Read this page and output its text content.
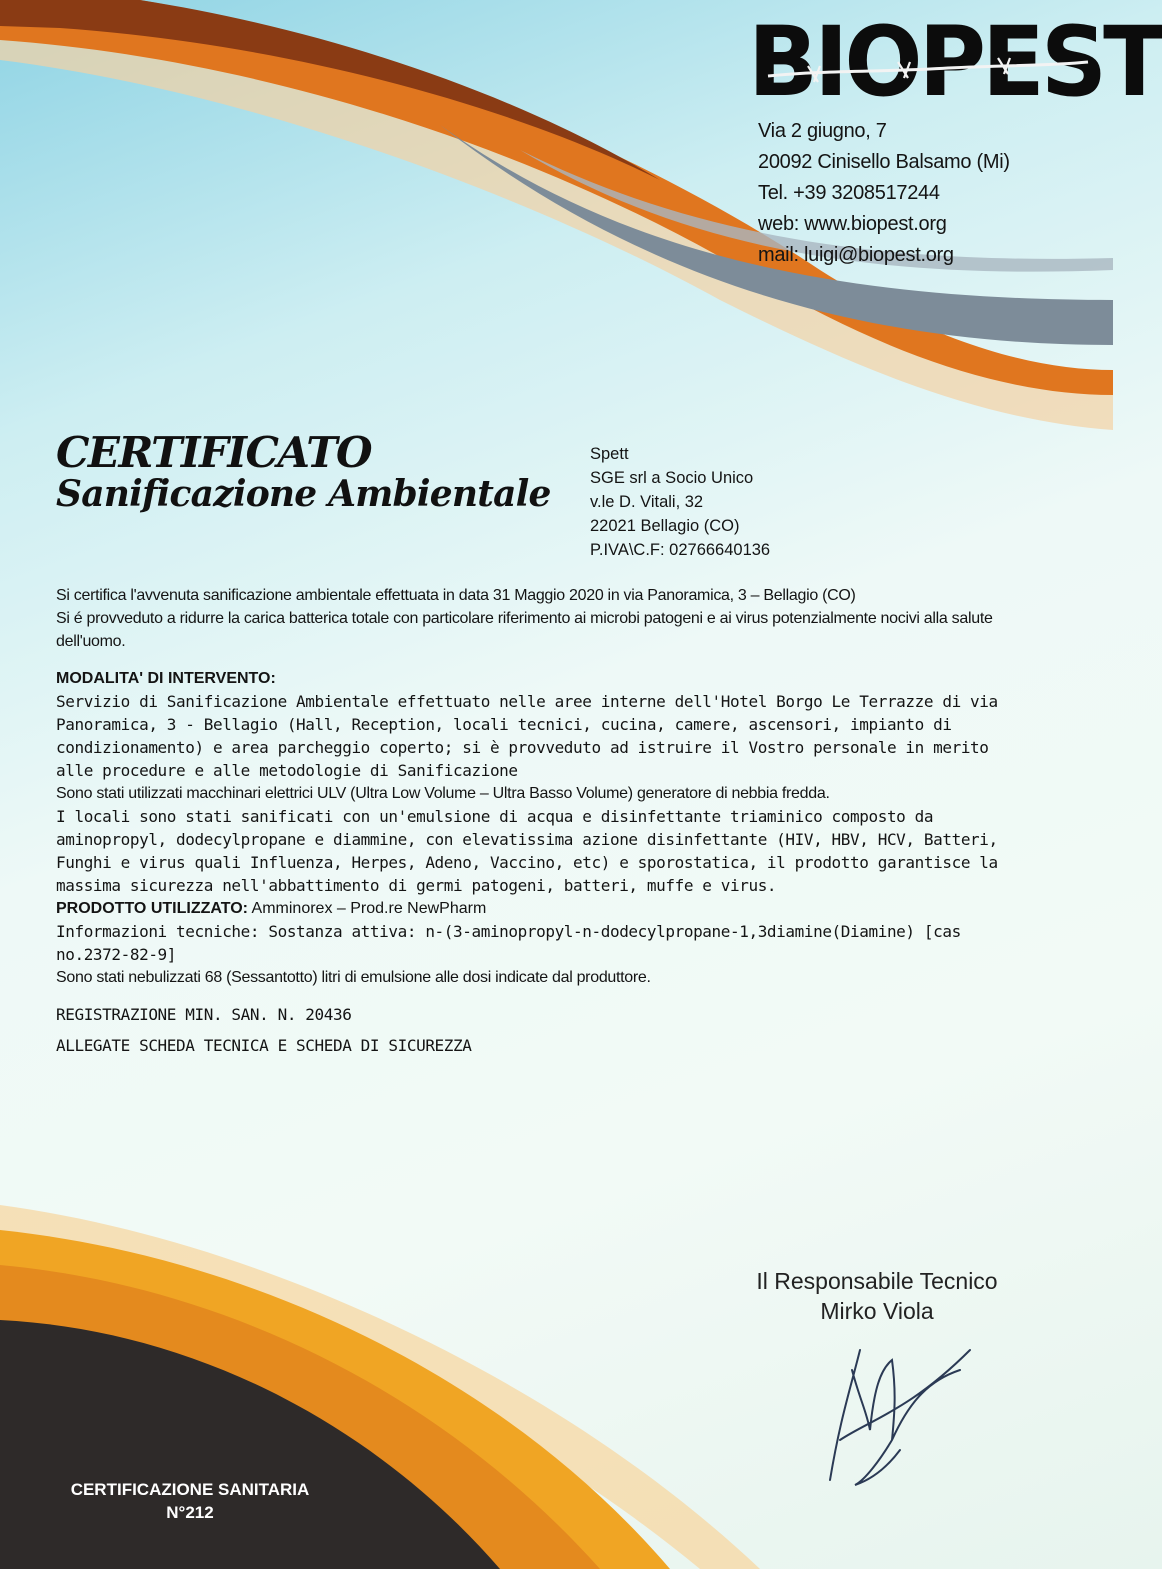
BIOPEST
Via 2 giugno, 7
20092 Cinisello Balsamo (Mi)
Tel. +39 3208517244
web: www.biopest.org
mail: luigi@biopest.org
CERTIFICATO
Sanificazione Ambientale
Spett
SGE srl a Socio Unico
v.le D. Vitali, 32
22021 Bellagio (CO)
P.IVA\C.F: 02766640136

Si certifica l'avvenuta sanificazione ambientale effettuata in data 31 Maggio 2020 in via Panoramica, 3 – Bellagio (CO)

Si é provveduto a ridurre la carica batterica totale con particolare riferimento ai microbi patogeni e ai virus potenzialmente nocivi alla salute dell'uomo.

MODALITA' DI INTERVENTO:

Servizio di Sanificazione Ambientale effettuato nelle aree interne dell'Hotel Borgo Le Terrazze di via Panoramica, 3 - Bellagio (Hall, Reception, locali tecnici, cucina, camere, ascensori, impianto di condizionamento) e area parcheggio coperto; si è provveduto ad istruire il Vostro personale in merito alle procedure e alle metodologie di Sanificazione

Sono stati utilizzati macchinari elettrici ULV (Ultra Low Volume – Ultra Basso Volume) generatore di nebbia fredda.

I locali sono stati sanificati con un'emulsione di acqua e disinfettante triaminico composto da aminopropyl, dodecylpropane e diammine, con elevatissima azione disinfettante (HIV, HBV, HCV, Batteri, Funghi e virus quali Influenza, Herpes, Adeno, Vaccino, etc) e sporostatica, il prodotto garantisce la massima sicurezza nell'abbattimento di germi patogeni, batteri, muffe e virus.

PRODOTTO UTILIZZATO: Amminorex – Prod.re NewPharm

Informazioni tecniche: Sostanza attiva: n-(3-aminopropyl-n-dodecylpropane-1,3diamine(Diamine) [cas no.2372-82-9]

Sono stati nebulizzati 68 (Sessantotto) litri di emulsione alle dosi indicate dal produttore.

REGISTRAZIONE MIN. SAN. N. 20436

ALLEGATE SCHEDA TECNICA E SCHEDA DI SICUREZZA

Il Responsabile Tecnico
Mirko Viola
CERTIFICAZIONE SANITARIA
N°212
